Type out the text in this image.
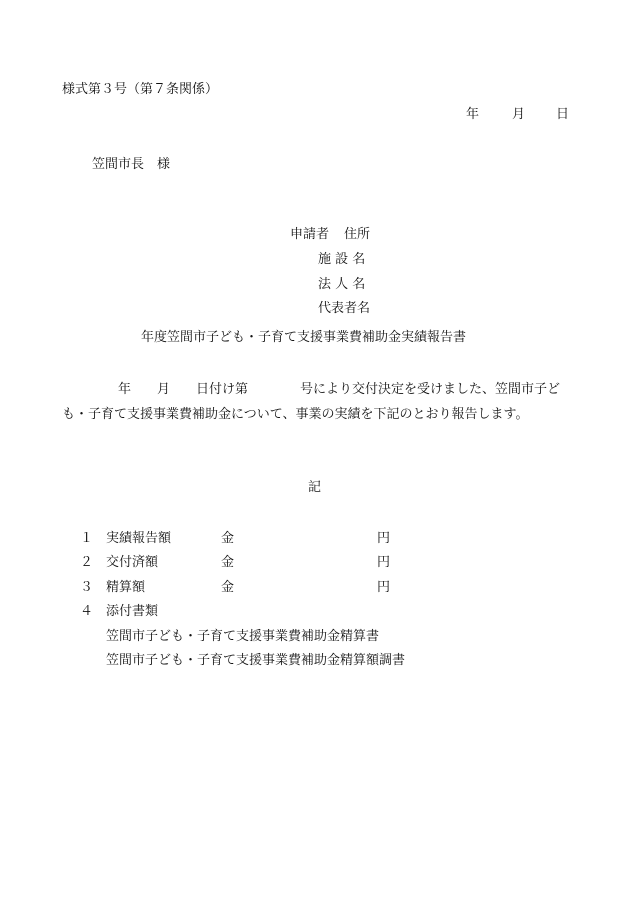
様式第３号（第７条関係）
年	月 日
笠間市長　様
申請者 住所
施 設 名
法 人 名
代表者名
年度笠間市子ども・子育て支援事業費補助金実績報告書
年　　月　　日付け第　　　　号により交付決定を受けました、笠間市子ども・子育て支援事業費補助金について、事業の実績を下記のとおり報告します。
記
１ 実績報告額	金	円
２ 交付済額	金	円
３ 精算額	金	円
４ 添付書類
笠間市子ども・子育て支援事業費補助金精算書
笠間市子ども・子育て支援事業費補助金精算額調書
